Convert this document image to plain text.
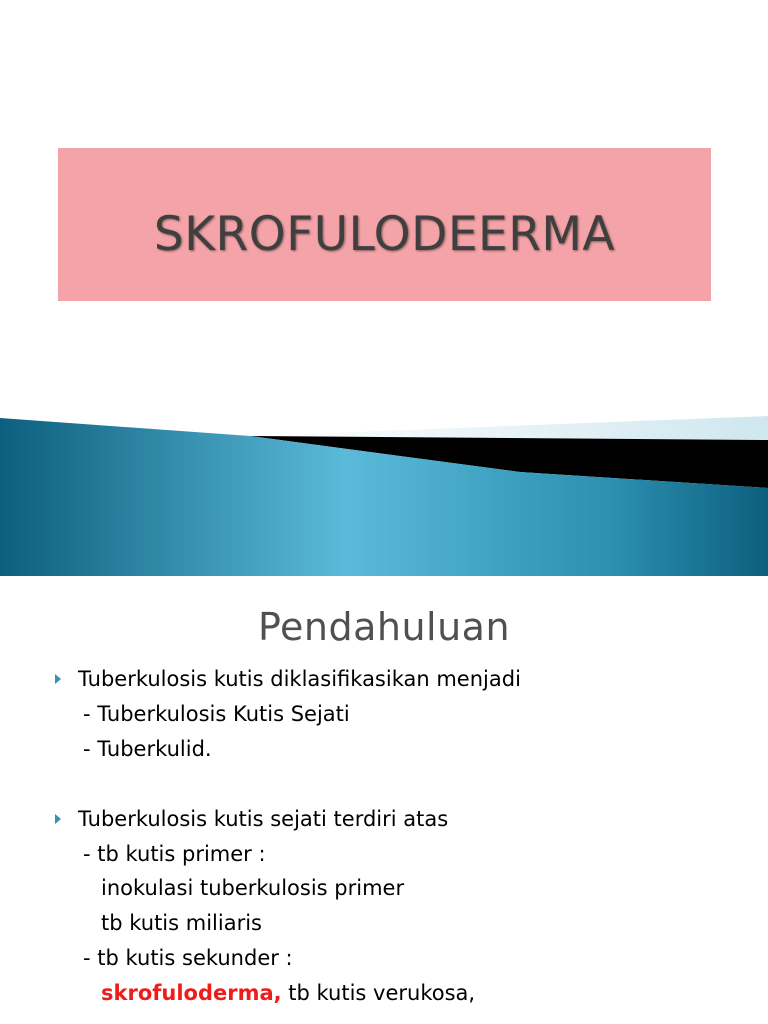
SKROFULODEERMA
Pendahuluan
Tuberkulosis kutis diklasifikasikan menjadi
- Tuberkulosis Kutis Sejati
- Tuberkulid.
Tuberkulosis kutis sejati terdiri atas
- tb kutis primer :
inokulasi tuberkulosis primer
tb kutis miliaris
- tb kutis sekunder :
skrofuloderma, tb kutis verukosa,
